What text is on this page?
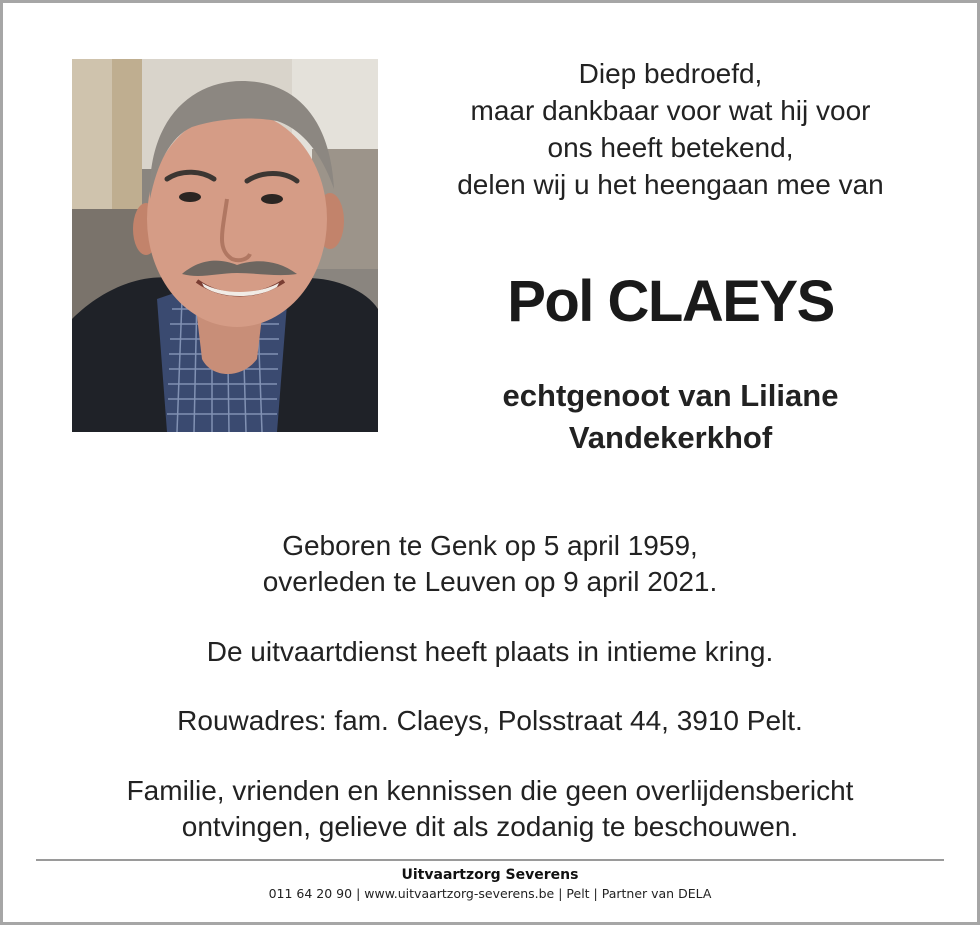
Diep bedroefd,
maar dankbaar voor wat hij voor
ons heeft betekend,
delen wij u het heengaan mee van
Pol CLAEYS
echtgenoot van Liliane
Vandekerkhof
Geboren te Genk op 5 april 1959,
overleden te Leuven op 9 april 2021.
De uitvaartdienst heeft plaats in intieme kring.
Rouwadres: fam. Claeys, Polsstraat 44, 3910 Pelt.
Familie, vrienden en kennissen die geen overlijdensbericht
ontvingen, gelieve dit als zodanig te beschouwen.
Uitvaartzorg Severens
011 64 20 90 | www.uitvaartzorg-severens.be | Pelt | Partner van DELA
